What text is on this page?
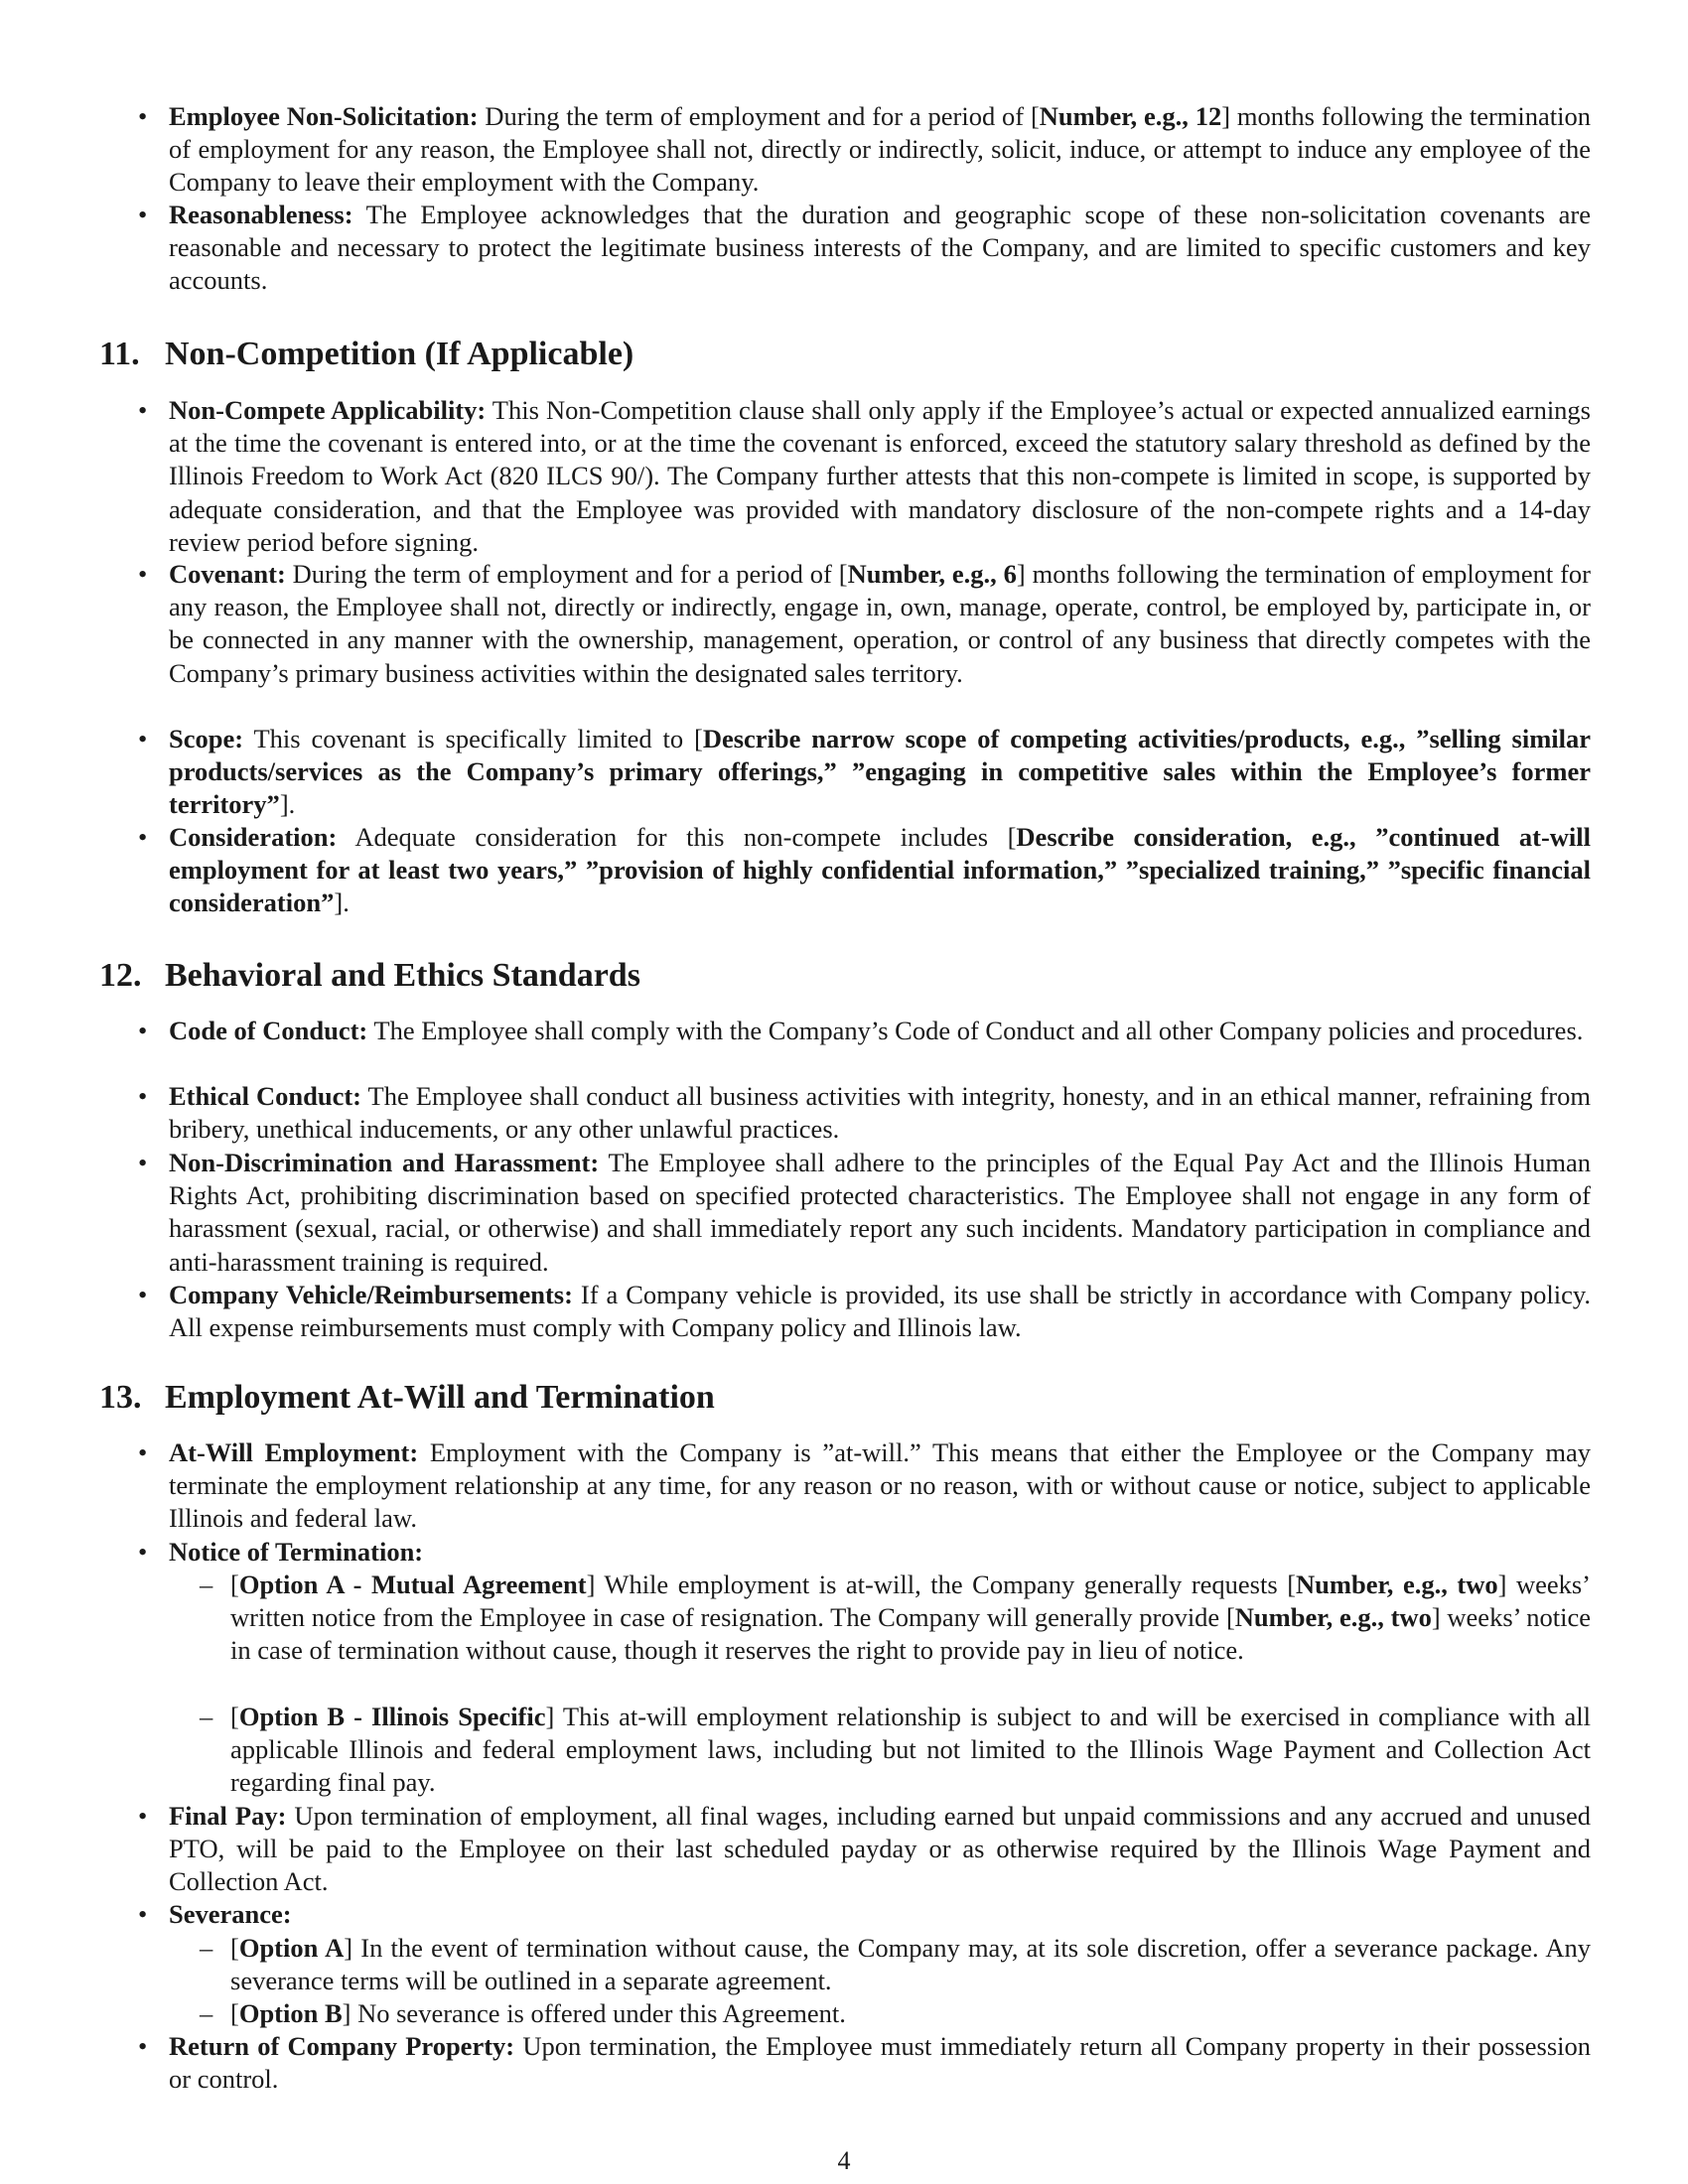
• Employee Non-Solicitation: During the term of employment and for a period of [Number, e.g., 12] months following the termination of employment for any reason, the Employee shall not, directly or indirectly, solicit, induce, or attempt to induce any employee of the Company to leave their employment with the Company.

• Reasonableness: The Employee acknowledges that the duration and geographic scope of these non-solicitation covenants are reasonable and necessary to protect the legitimate business interests of the Company, and are limited to specific customers and key accounts.

11. Non-Competition (If Applicable)

• Non-Compete Applicability: This Non-Competition clause shall only apply if the Employee’s actual or expected annualized earnings at the time the covenant is entered into, or at the time the covenant is enforced, exceed the statutory salary threshold as defined by the Illinois Freedom to Work Act (820 ILCS 90/). The Company further attests that this non-compete is limited in scope, is supported by adequate consideration, and that the Employee was provided with mandatory disclosure of the non-compete rights and a 14-day review period before signing.

• Covenant: During the term of employment and for a period of [Number, e.g., 6] months following the termination of employment for any reason, the Employee shall not, directly or indirectly, engage in, own, manage, operate, control, be employed by, participate in, or be connected in any manner with the ownership, management, operation, or control of any business that directly competes with the Company’s primary business activities within the designated sales territory.

• Scope: This covenant is specifically limited to [Describe narrow scope of competing activities/products, e.g., ”selling similar products/services as the Company’s primary offerings,” ”engaging in competitive sales within the Employee’s former territory”].

• Consideration: Adequate consideration for this non-compete includes [Describe consideration, e.g., ”continued at-will employment for at least two years,” ”provision of highly confidential information,” ”specialized training,” ”specific financial consideration”].

12. Behavioral and Ethics Standards

• Code of Conduct: The Employee shall comply with the Company’s Code of Conduct and all other Company policies and procedures.

• Ethical Conduct: The Employee shall conduct all business activities with integrity, honesty, and in an ethical manner, refraining from bribery, unethical inducements, or any other unlawful practices.

• Non-Discrimination and Harassment: The Employee shall adhere to the principles of the Equal Pay Act and the Illinois Human Rights Act, prohibiting discrimination based on specified protected characteristics. The Employee shall not engage in any form of harassment (sexual, racial, or otherwise) and shall immediately report any such incidents. Mandatory participation in compliance and anti-harassment training is required.

• Company Vehicle/Reimbursements: If a Company vehicle is provided, its use shall be strictly in accordance with Company policy. All expense reimbursements must comply with Company policy and Illinois law.

13. Employment At-Will and Termination

• At-Will Employment: Employment with the Company is ”at-will.” This means that either the Employee or the Company may terminate the employment relationship at any time, for any reason or no reason, with or without cause or notice, subject to applicable Illinois and federal law.

• Notice of Termination:

– [Option A - Mutual Agreement] While employment is at-will, the Company generally requests [Number, e.g., two] weeks’ written notice from the Employee in case of resignation. The Company will generally provide [Number, e.g., two] weeks’ notice in case of termination without cause, though it reserves the right to provide pay in lieu of notice.

– [Option B - Illinois Specific] This at-will employment relationship is subject to and will be exercised in compliance with all applicable Illinois and federal employment laws, including but not limited to the Illinois Wage Payment and Collection Act regarding final pay.

• Final Pay: Upon termination of employment, all final wages, including earned but unpaid commissions and any accrued and unused PTO, will be paid to the Employee on their last scheduled payday or as otherwise required by the Illinois Wage Payment and Collection Act.

• Severance:

– [Option A] In the event of termination without cause, the Company may, at its sole discretion, offer a severance package. Any severance terms will be outlined in a separate agreement.

– [Option B] No severance is offered under this Agreement.

• Return of Company Property: Upon termination, the Employee must immediately return all Company property in their possession or control.

4
